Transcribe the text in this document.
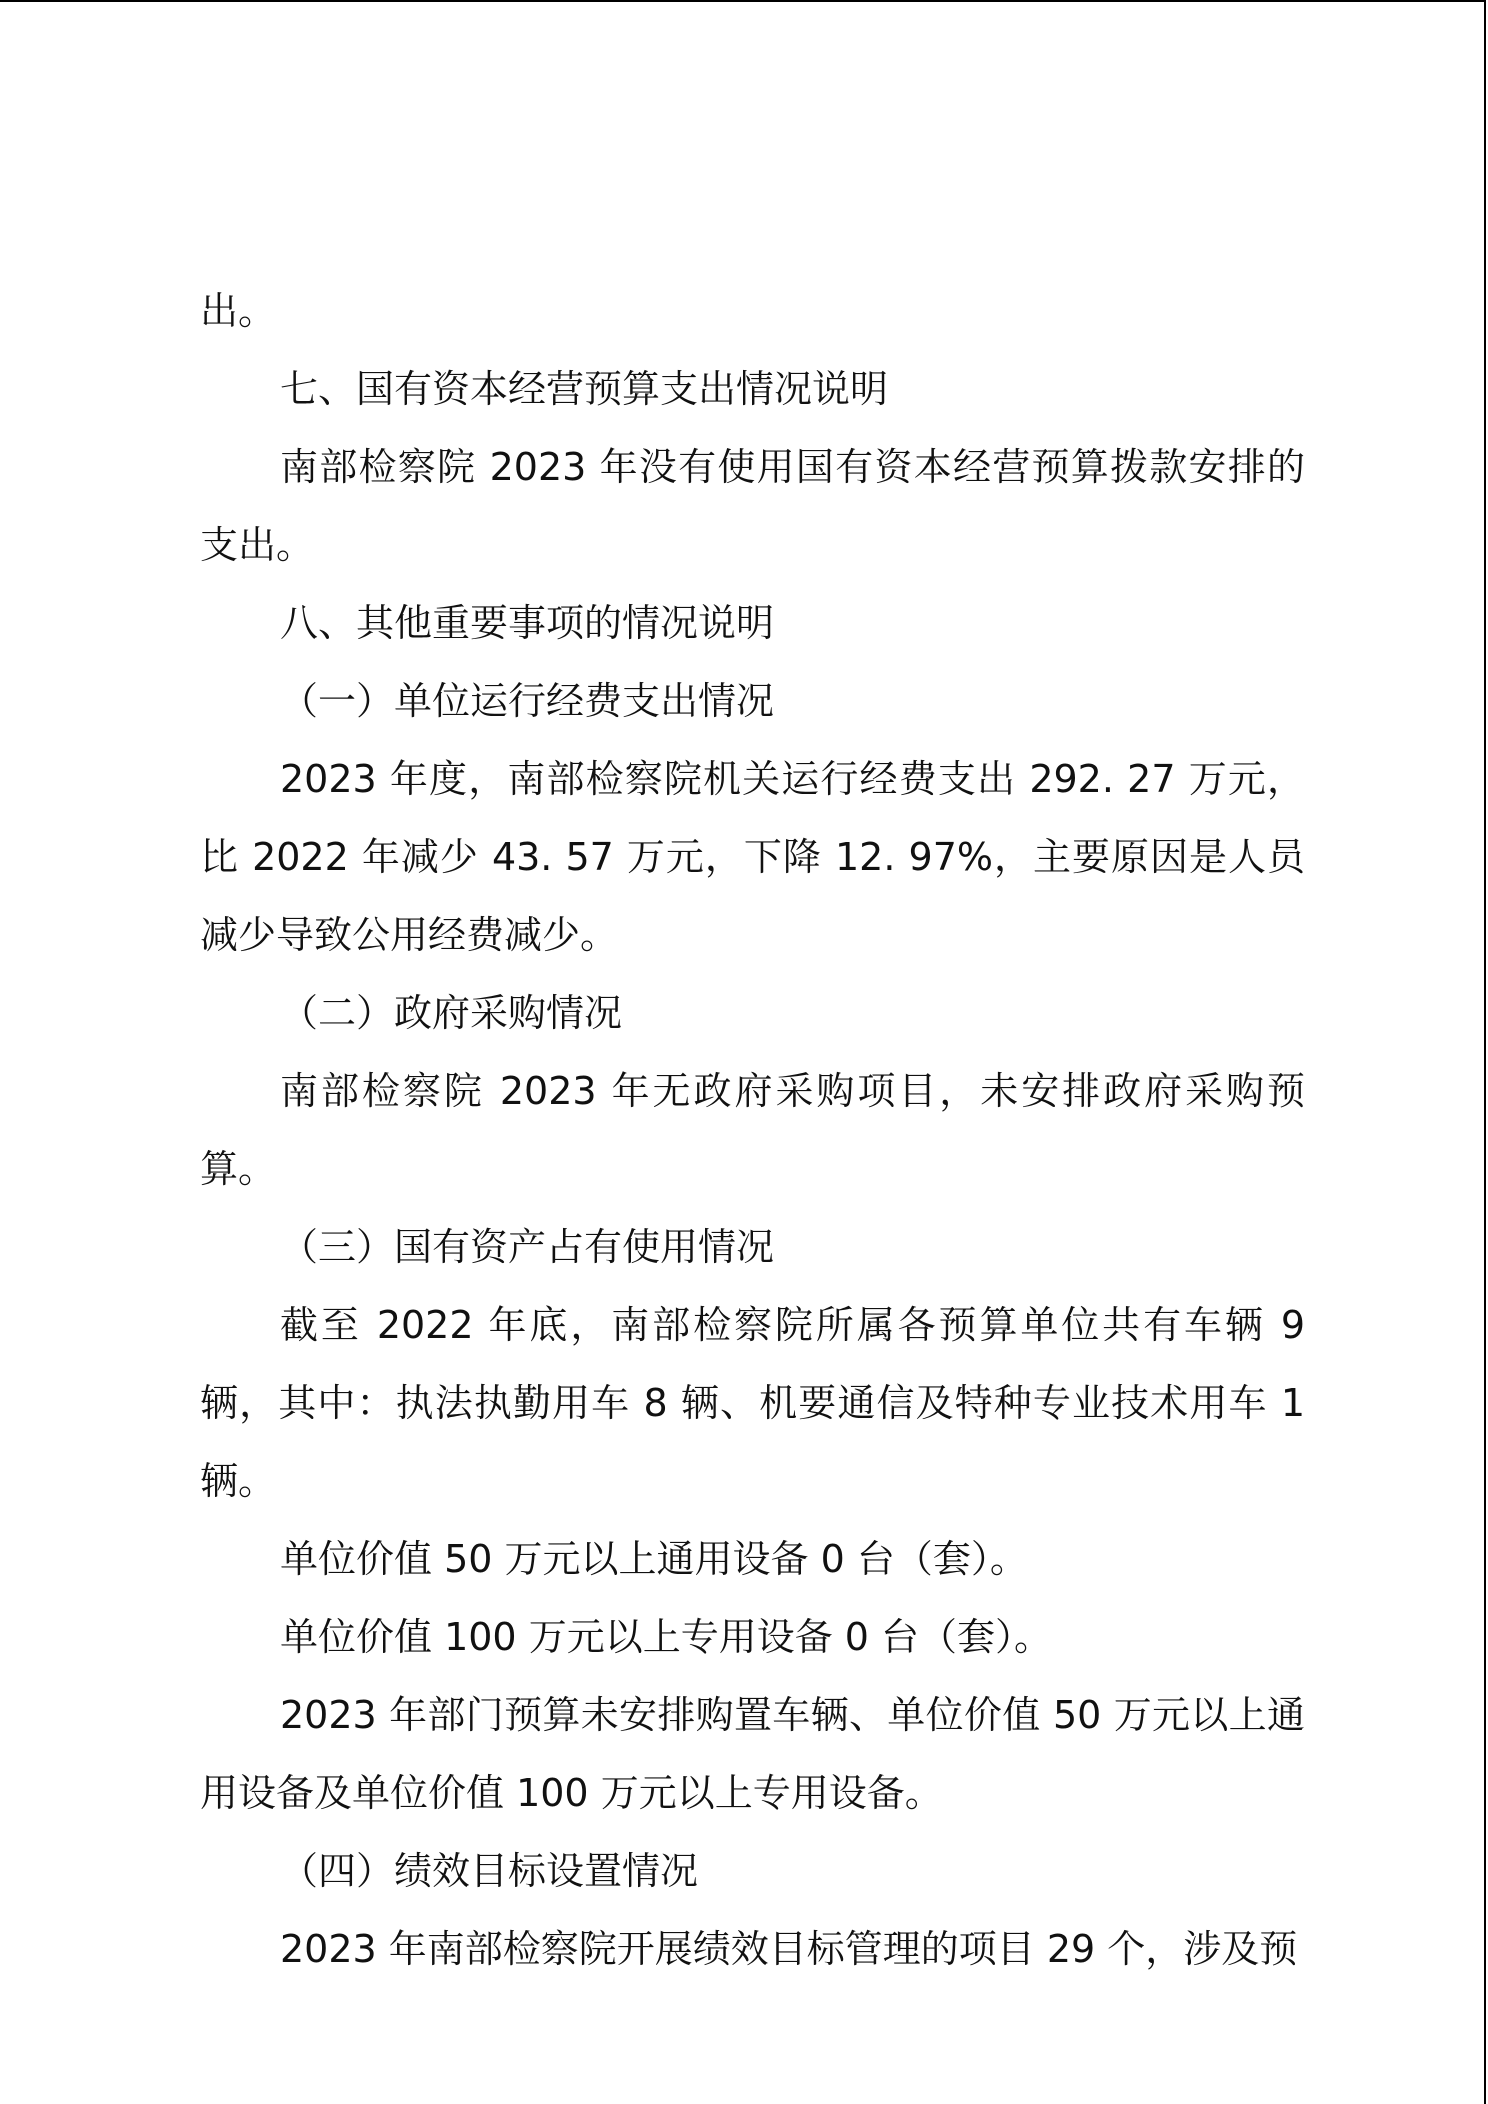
出。

七、国有资本经营预算支出情况说明

南部检察院 2023 年没有使用国有资本经营预算拨款安排的支出。

八、其他重要事项的情况说明

（一）单位运行经费支出情况

2023 年度，南部检察院机关运行经费支出 292. 27 万元，比 2022 年减少 43. 57 万元，下降 12. 97%，主要原因是人员减少导致公用经费减少。

（二）政府采购情况

南部检察院 2023 年无政府采购项目，未安排政府采购预算。

（三）国有资产占有使用情况

截至 2022 年底，南部检察院所属各预算单位共有车辆 9 辆，其中：执法执勤用车 8 辆、机要通信及特种专业技术用车 1 辆。

单位价值 50 万元以上通用设备 0 台（套）。

单位价值 100 万元以上专用设备 0 台（套）。

2023 年部门预算未安排购置车辆、单位价值 50 万元以上通用设备及单位价值 100 万元以上专用设备。

（四）绩效目标设置情况

2023 年南部检察院开展绩效目标管理的项目 29 个，涉及预
